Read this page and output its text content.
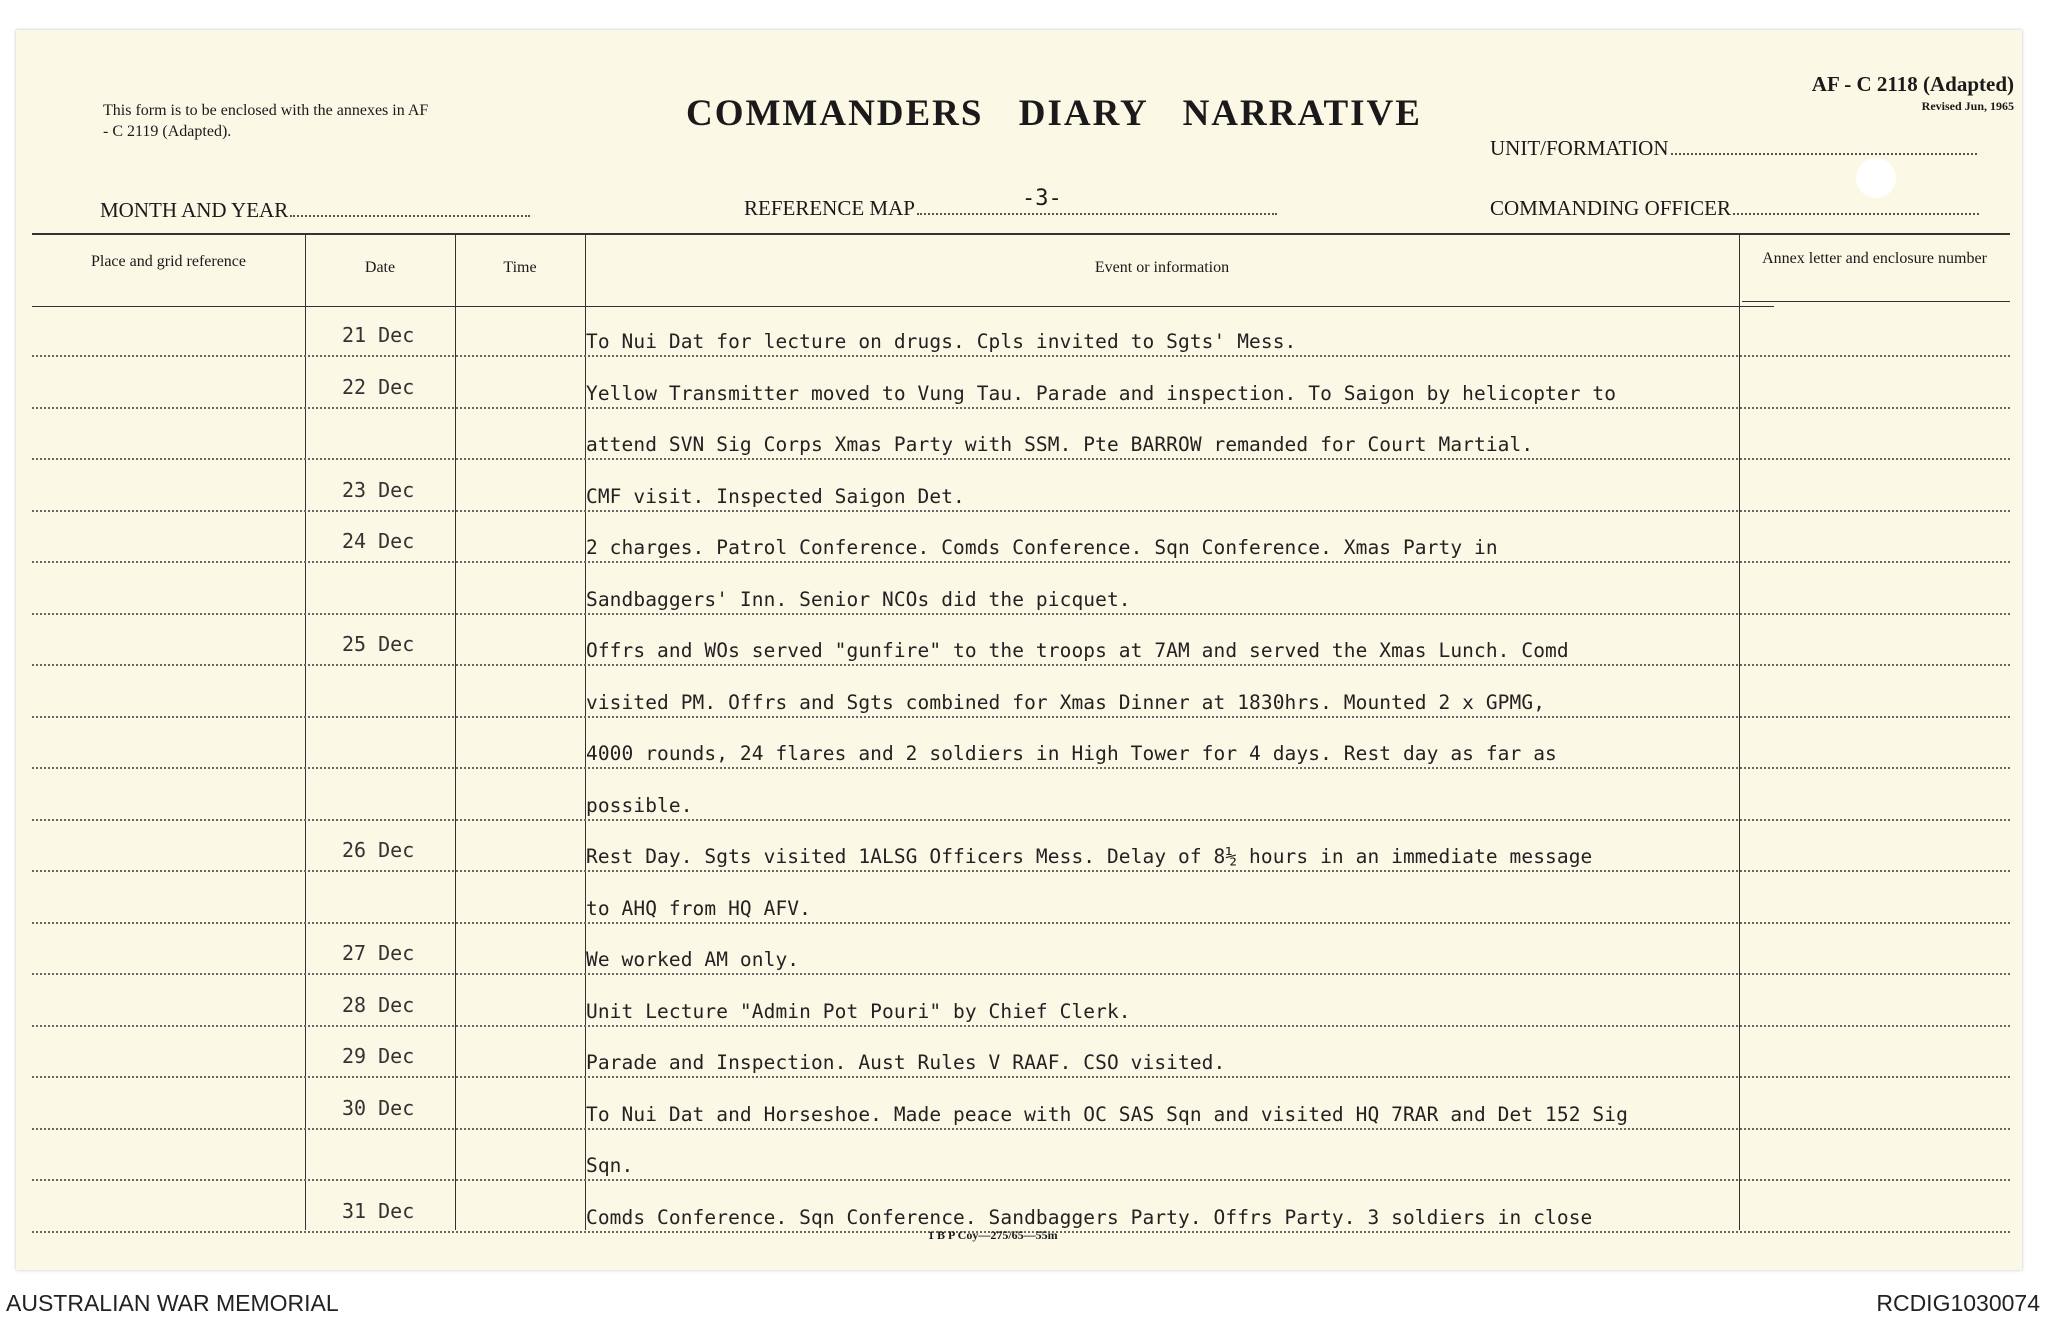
This form is to be enclosed with the annexes in AF - C 2119 (Adapted).	COMMANDERS DIARY NARRATIVE
AF - C 2118 (Adapted)
Revised Jun, 1965
UNIT/FORMATION
MONTH AND YEAR	REFERENCE MAP	-3-	COMMANDING OFFICER
Place and grid reference	Date	Time	Event or information
Annex letter and enclosure number
21 Dec	To Nui Dat for lecture on drugs. Cpls invited to Sgts' Mess.
22 Dec	Yellow Transmitter moved to Vung Tau. Parade and inspection. To Saigon by helicopter to
attend SVN Sig Corps Xmas Party with SSM. Pte BARROW remanded for Court Martial.
23 Dec	CMF visit. Inspected Saigon Det.
24 Dec	2 charges. Patrol Conference. Comds Conference. Sqn Conference. Xmas Party in
Sandbaggers' Inn. Senior NCOs did the picquet.
25 Dec	Offrs and WOs served "gunfire" to the troops at 7AM and served the Xmas Lunch. Comd
visited PM. Offrs and Sgts combined for Xmas Dinner at 1830hrs. Mounted 2 x GPMG,
4000 rounds, 24 flares and 2 soldiers in High Tower for 4 days. Rest day as far as
possible.
26 Dec	Rest Day. Sgts visited 1ALSG Officers Mess. Delay of 8½ hours in an immediate message
to AHQ from HQ AFV.
27 Dec	We worked AM only.
28 Dec	Unit Lecture "Admin Pot Pouri" by Chief Clerk.
29 Dec	Parade and Inspection. Aust Rules V RAAF. CSO visited.
30 Dec	To Nui Dat and Horseshoe. Made peace with OC SAS Sqn and visited HQ 7RAR and Det 152 Sig
Sqn.
31 Dec	Comds Conference. Sqn Conference. Sandbaggers Party. Offrs Party. 3 soldiers in close
1 B P Coy—275/65—55m
AUSTRALIAN WAR MEMORIAL	RCDIG1030074
